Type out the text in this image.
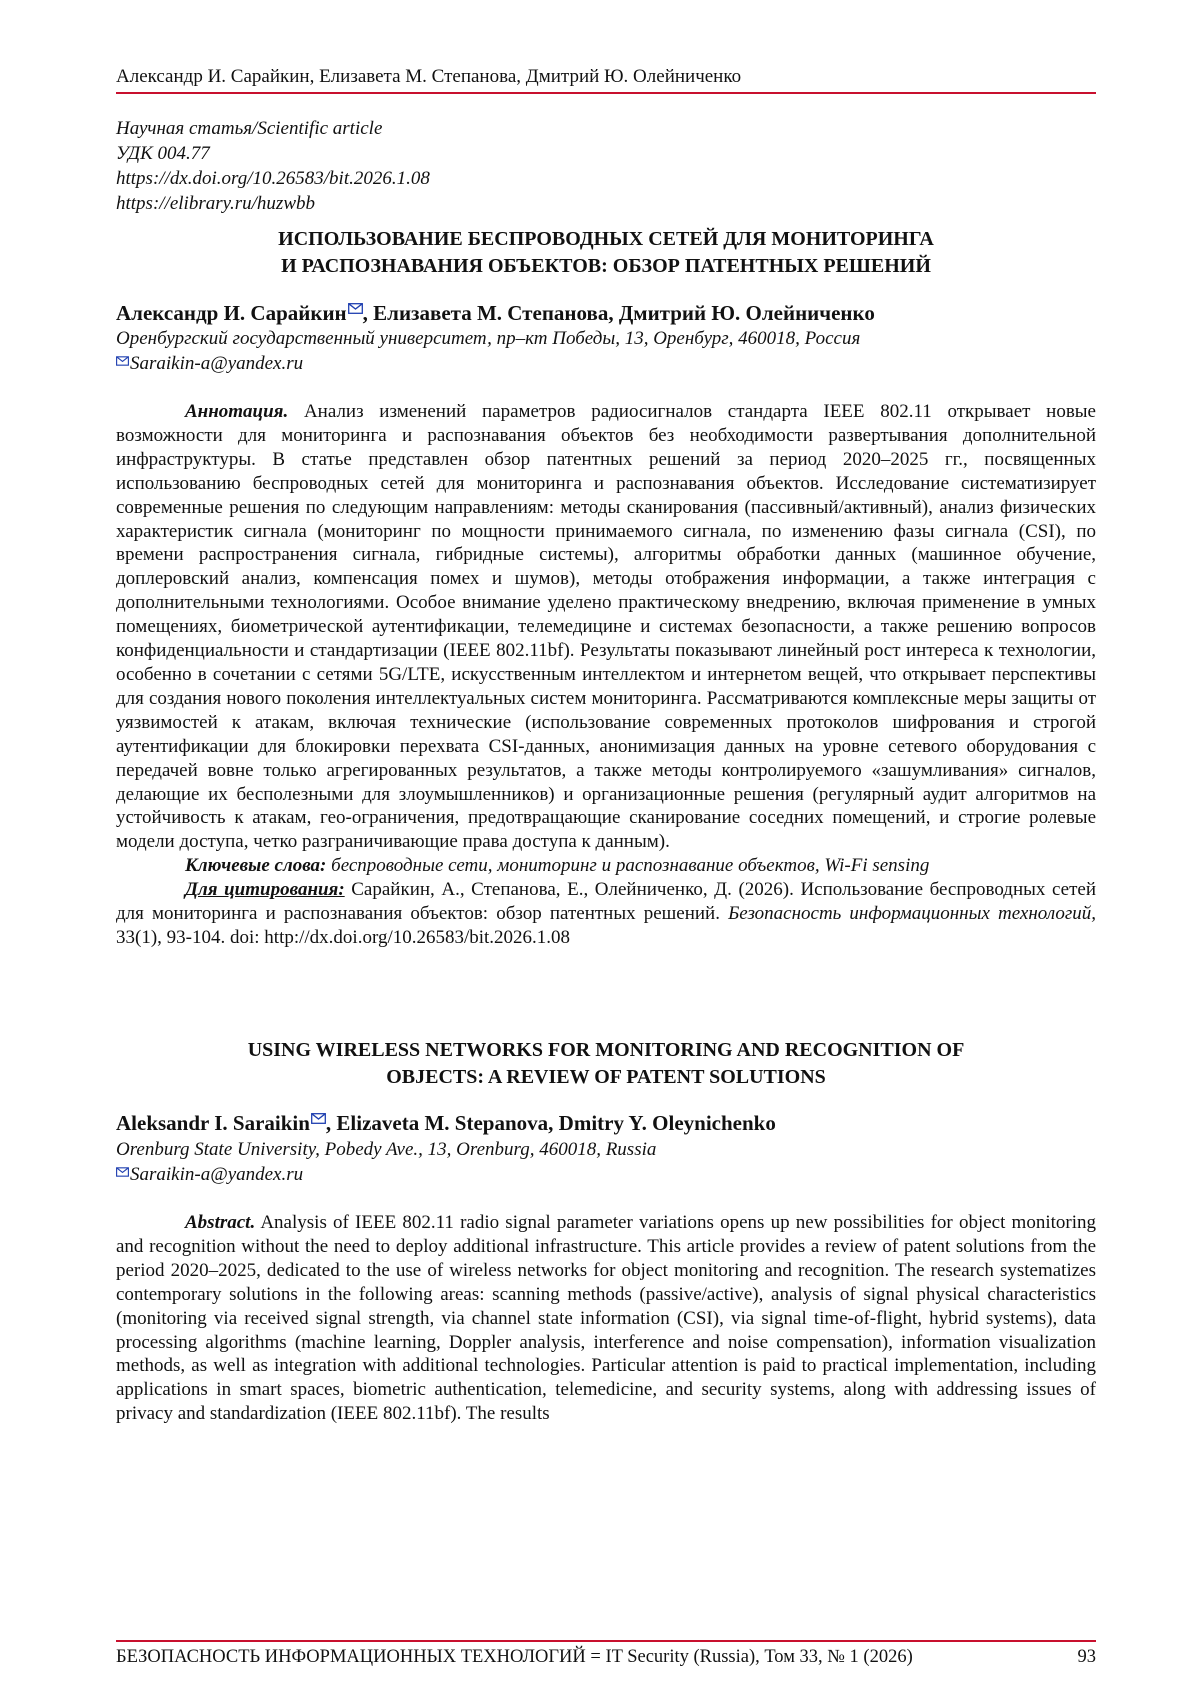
Александр И. Сарайкин, Елизавета М. Степанова, Дмитрий Ю. Олейниченко
Научная статья/Scientific article
УДК 004.77
https://dx.doi.org/10.26583/bit.2026.1.08
https://elibrary.ru/huzwbb
ИСПОЛЬЗОВАНИЕ БЕСПРОВОДНЫХ СЕТЕЙ ДЛЯ МОНИТОРИНГА
И РАСПОЗНАВАНИЯ ОБЪЕКТОВ: ОБЗОР ПАТЕНТНЫХ РЕШЕНИЙ
Александр И. Сарайкин , Елизавета М. Степанова, Дмитрий Ю. Олейниченко
Оренбургский государственный университет, пр–кт Победы, 13, Оренбург, 460018, Россия
Saraikin-a@yandex.ru

Аннотация. Анализ изменений параметров радиосигналов стандарта IEEE 802.11 открывает новые возможности для мониторинга и распознавания объектов без необходимости развертывания дополнительной инфраструктуры. В статье представлен обзор патентных решений за период 2020–2025 гг., посвященных использованию беспроводных сетей для мониторинга и распознавания объектов. Исследование систематизирует современные решения по следующим направлениям: методы сканирования (пассивный/активный), анализ физических характеристик сигнала (мониторинг по мощности принимаемого сигнала, по изменению фазы сигнала (CSI), по времени распространения сигнала, гибридные системы), алгоритмы обработки данных (машинное обучение, доплеровский анализ, компенсация помех и шумов), методы отображения информации, а также интеграция с дополнительными технологиями. Особое внимание уделено практическому внедрению, включая применение в умных помещениях, биометрической аутентификации, телемедицине и системах безопасности, а также решению вопросов конфиденциальности и стандартизации (IEEE 802.11bf). Результаты показывают линейный рост интереса к технологии, особенно в сочетании с сетями 5G/LTE, искусственным интеллектом и интернетом вещей, что открывает перспективы для создания нового поколения интеллектуальных систем мониторинга. Рассматриваются комплексные меры защиты от уязвимостей к атакам, включая технические (использование современных протоколов шифрования и строгой аутентификации для блокировки перехвата CSI-данных, анонимизация данных на уровне сетевого оборудования с передачей вовне только агрегированных результатов, а также методы контролируемого «зашумливания» сигналов, делающие их бесполезными для злоумышленников) и организационные решения (регулярный аудит алгоритмов на устойчивость к атакам, гео-ограничения, предотвращающие сканирование соседних помещений, и строгие ролевые модели доступа, четко разграничивающие права доступа к данным).

Ключевые слова: беспроводные сети, мониторинг и распознавание объектов, Wi-Fi sensing

Для цитирования: Сарайкин, А., Степанова, Е., Олейниченко, Д. (2026). Использование беспроводных сетей для мониторинга и распознавания объектов: обзор патентных решений. Безопасность информационных технологий, 33(1), 93-104. doi: http://dx.doi.org/10.26583/bit.2026.1.08

USING WIRELESS NETWORKS FOR MONITORING AND RECOGNITION OF
OBJECTS: A REVIEW OF PATENT SOLUTIONS
Aleksandr I. Saraikin , Elizaveta M. Stepanova, Dmitry Y. Oleynichenko
Orenburg State University, Pobedy Ave., 13, Orenburg, 460018, Russia
Saraikin-a@yandex.ru

Abstract. Analysis of IEEE 802.11 radio signal parameter variations opens up new possibilities for object monitoring and recognition without the need to deploy additional infrastructure. This article provides a review of patent solutions from the period 2020–2025, dedicated to the use of wireless networks for object monitoring and recognition. The research systematizes contemporary solutions in the following areas: scanning methods (passive/active), analysis of signal physical characteristics (monitoring via received signal strength, via channel state information (CSI), via signal time-of-flight, hybrid systems), data processing algorithms (machine learning, Doppler analysis, interference and noise compensation), information visualization methods, as well as integration with additional technologies. Particular attention is paid to practical implementation, including applications in smart spaces, biometric authentication, telemedicine, and security systems, along with addressing issues of privacy and standardization (IEEE 802.11bf). The results

БЕЗОПАСНОСТЬ ИНФОРМАЦИОННЫХ ТЕХНОЛОГИЙ = IT Security (Russia), Том 33, № 1 (2026)	93
